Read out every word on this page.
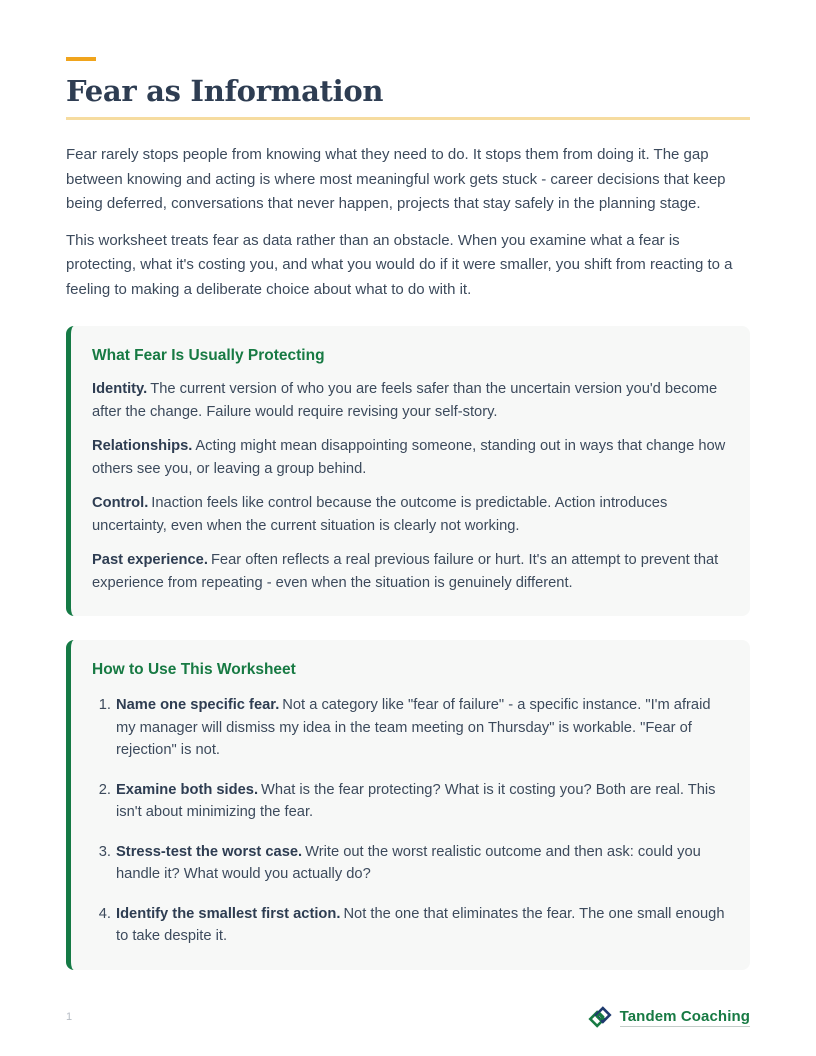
Fear as Information

Fear rarely stops people from knowing what they need to do. It stops them from doing it. The gap between knowing and acting is where most meaningful work gets stuck - career decisions that keep being deferred, conversations that never happen, projects that stay safely in the planning stage.

This worksheet treats fear as data rather than an obstacle. When you examine what a fear is protecting, what it's costing you, and what you would do if it were smaller, you shift from reacting to a feeling to making a deliberate choice about what to do with it.

What Fear Is Usually Protecting

Identity. The current version of who you are feels safer than the uncertain version you'd become after the change. Failure would require revising your self-story.

Relationships. Acting might mean disappointing someone, standing out in ways that change how others see you, or leaving a group behind.

Control. Inaction feels like control because the outcome is predictable. Action introduces uncertainty, even when the current situation is clearly not working.

Past experience. Fear often reflects a real previous failure or hurt. It's an attempt to prevent that experience from repeating - even when the situation is genuinely different.

How to Use This Worksheet
1. Name one specific fear. Not a category like "fear of failure" - a specific instance. "I'm afraid my manager will dismiss my idea in the team meeting on Thursday" is workable. "Fear of rejection" is not.

2. Examine both sides. What is the fear protecting? What is it costing you? Both are real. This isn't about minimizing the fear.

3. Stress-test the worst case. Write out the worst realistic outcome and then ask: could you handle it? What would you actually do?

4. Identify the smallest first action. Not the one that eliminates the fear. The one small enough to take despite it.

1	Tandem Coaching
